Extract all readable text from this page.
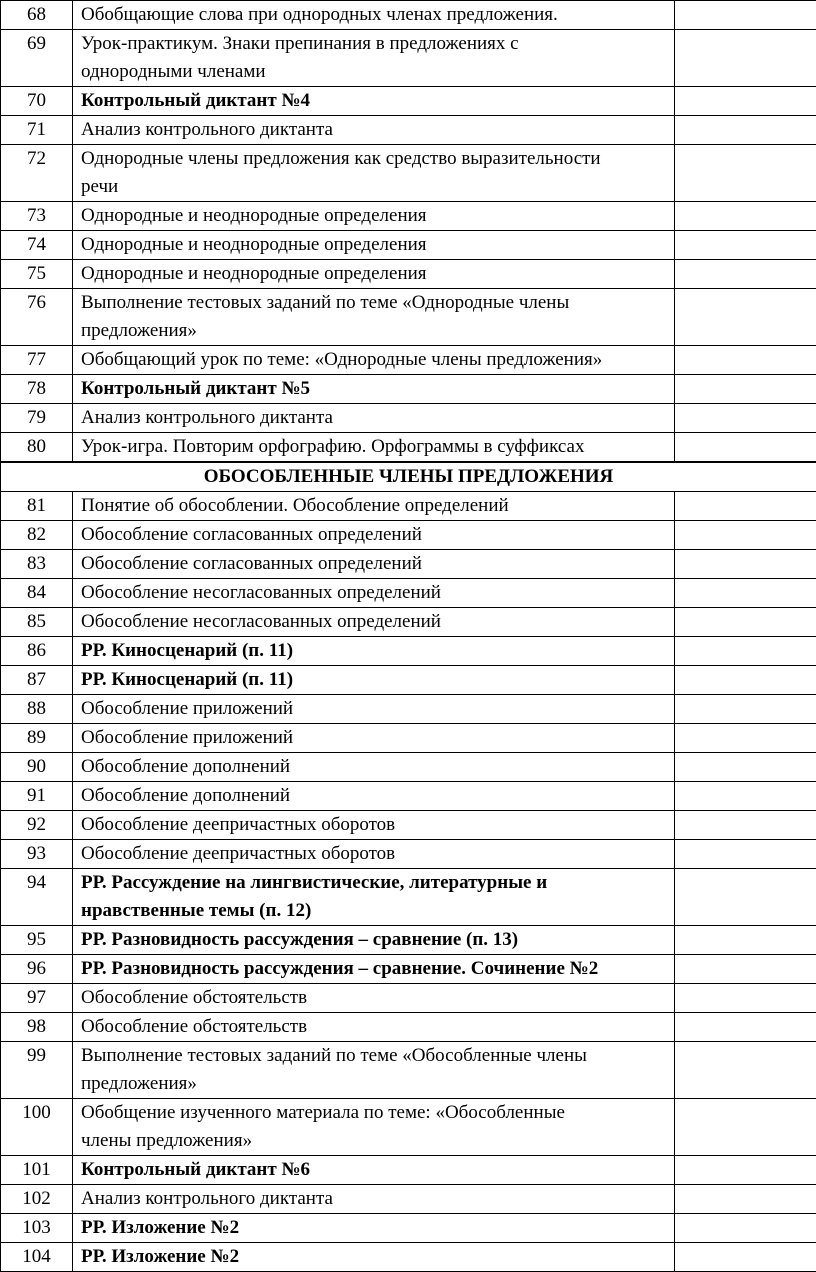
68	Обобщающие слова при однородных членах предложения.	
69	Урок-практикум. Знаки препинания в предложениях с
однородными членами	
70	Контрольный диктант №4	
71	Анализ контрольного диктанта	
72	Однородные члены предложения как средство выразительности
речи	
73	Однородные и неоднородные определения	
74	Однородные и неоднородные определения	
75	Однородные и неоднородные определения	
76	Выполнение тестовых заданий по теме «Однородные члены
предложения»	
77	Обобщающий урок по теме: «Однородные члены предложения»	
78	Контрольный диктант №5	
79	Анализ контрольного диктанта	
80	Урок-игра. Повторим орфографию. Орфограммы в суффиксах	
ОБОСОБЛЕННЫЕ ЧЛЕНЫ ПРЕДЛОЖЕНИЯ		
81	Понятие об обособлении. Обособление определений	
82	Обособление согласованных определений	
83	Обособление согласованных определений	
84	Обособление несогласованных определений	
85	Обособление несогласованных определений	
86	РР. Киносценарий (п. 11)	
87	РР. Киносценарий (п. 11)	
88	Обособление приложений	
89	Обособление приложений	
90	Обособление дополнений	
91	Обособление дополнений	
92	Обособление деепричастных оборотов	
93	Обособление деепричастных оборотов	
94	РР. Рассуждение на лингвистические, литературные и
нравственные темы (п. 12)	
95	РР. Разновидность рассуждения – сравнение (п. 13)	
96	РР. Разновидность рассуждения – сравнение. Сочинение №2	
97	Обособление обстоятельств	
98	Обособление обстоятельств	
99	Выполнение тестовых заданий по теме «Обособленные члены
предложения»	
100	Обобщение изученного материала по теме: «Обособленные
члены предложения»	
101	Контрольный диктант №6	
102	Анализ контрольного диктанта	
103	РР. Изложение №2	
104	РР. Изложение №2	
